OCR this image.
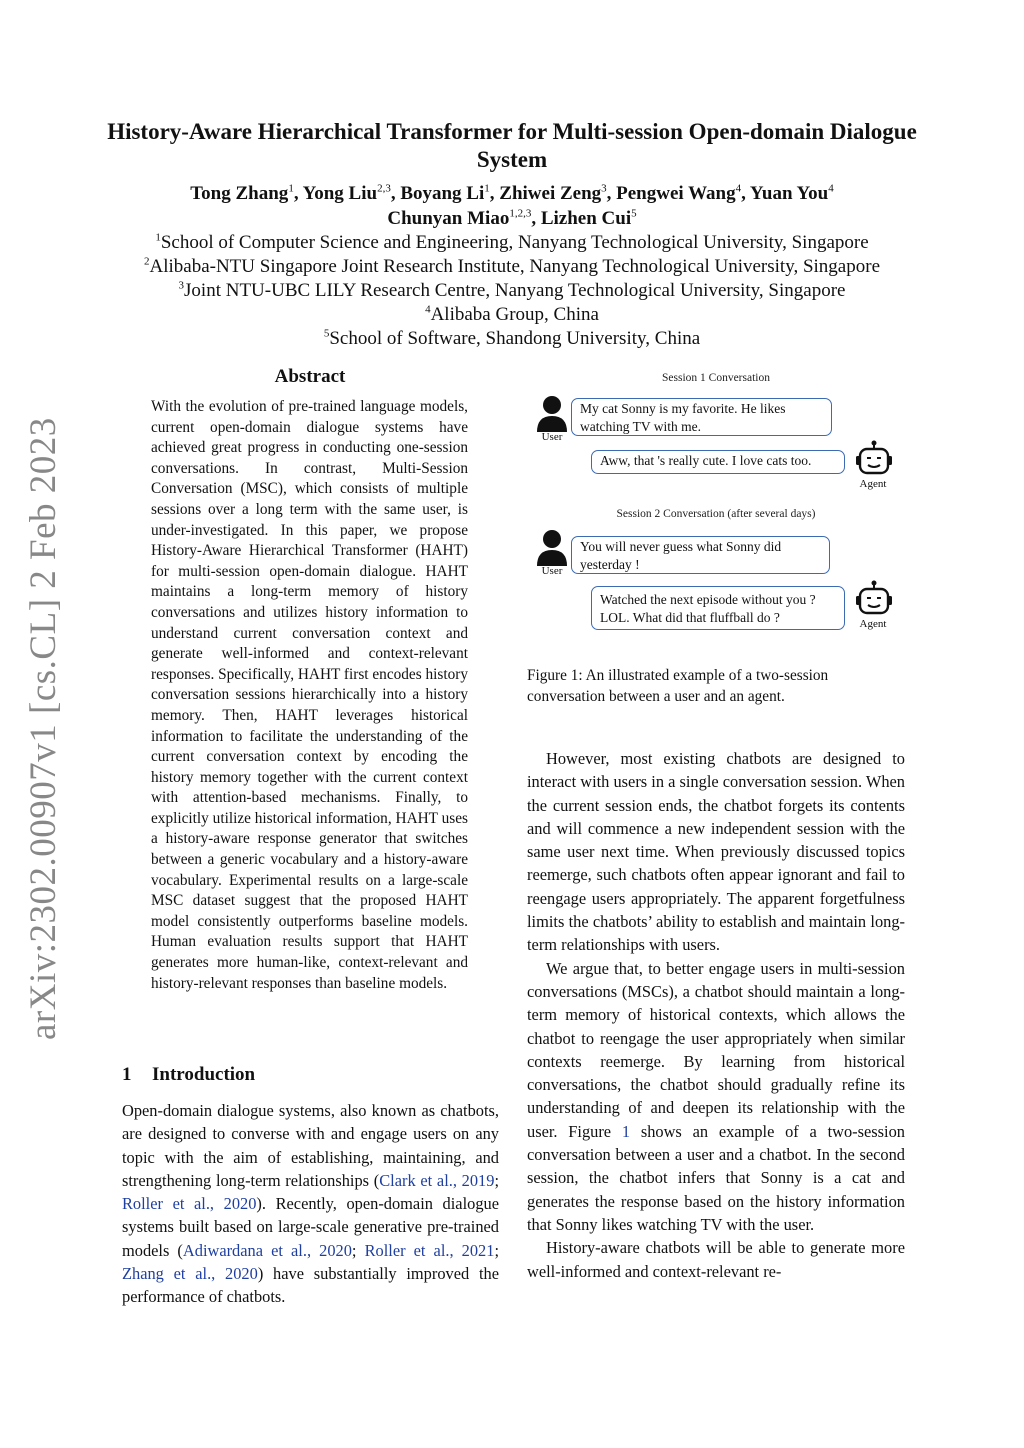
arXiv:2302.00907v1 [cs.CL] 2 Feb 2023
History-Aware Hierarchical Transformer for Multi-session Open-domain Dialogue System
Tong Zhang$^1$, Yong Liu$^{2,3}$, Boyang Li$^1$, Zhiwei Zeng$^3$, Pengwei Wang$^4$, Yuan You$^4$
Chunyan Miao$^{1,2,3}$, Lizhen Cui$^5$
$^1$School of Computer Science and Engineering, Nanyang Technological University, Singapore
$^2$Alibaba-NTU Singapore Joint Research Institute, Nanyang Technological University, Singapore
$^3$Joint NTU-UBC LILY Research Centre, Nanyang Technological University, Singapore
$^4$Alibaba Group, China
$^5$School of Software, Shandong University, China
Abstract
With the evolution of pre-trained language models, current open-domain dialogue systems have achieved great progress in conducting one-session conversations. In contrast, Multi-Session Conversation (MSC), which consists of multiple sessions over a long term with the same user, is under-investigated. In this paper, we propose History-Aware Hierarchical Transformer (HAHT) for multi-session open-domain dialogue. HAHT maintains a long-term memory of history conversations and utilizes history information to understand current conversation context and generate well-informed and context-relevant responses. Specifically, HAHT first encodes history conversation sessions hierarchically into a history memory. Then, HAHT leverages historical information to facilitate the understanding of the current conversation context by encoding the history memory together with the current context with attention-based mechanisms. Finally, to explicitly utilize historical information, HAHT uses a history-aware response generator that switches between a generic vocabulary and a history-aware vocabulary. Experimental results on a large-scale MSC dataset suggest that the proposed HAHT model consistently outperforms baseline models. Human evaluation results support that HAHT generates more human-like, context-relevant and history-relevant responses than baseline models.
1 Introduction

Open-domain dialogue systems, also known as chatbots, are designed to converse with and engage users on any topic with the aim of establishing, maintaining, and strengthening long-term relationships (Clark et al., 2019; Roller et al., 2020). Recently, open-domain dialogue systems built based on large-scale generative pre-trained models (Adiwardana et al., 2020; Roller et al., 2021; Zhang et al., 2020) have substantially improved the performance of chatbots.

Session 1 Conversation
User
My cat Sonny is my favorite. He likes watching TV with me.
Aww, that 's really cute. I love cats too.
Agent
Session 2 Conversation (after several days)
User
You will never guess what Sonny did yesterday !
Watched the next episode without you ? LOL. What did that fluffball do ?	Agent
Figure 1: An illustrated example of a two-session conversation between a user and an agent.

However, most existing chatbots are designed to interact with users in a single conversation session. When the current session ends, the chatbot forgets its contents and will commence a new independent session with the same user next time. When previously discussed topics reemerge, such chatbots often appear ignorant and fail to reengage users appropriately. The apparent forgetfulness limits the chatbots’ ability to establish and maintain long-term relationships with users.

We argue that, to better engage users in multi-session conversations (MSCs), a chatbot should maintain a long-term memory of historical contexts, which allows the chatbot to reengage the user appropriately when similar contexts reemerge. By learning from historical conversations, the chatbot should gradually refine its understanding of and deepen its relationship with the user. Figure 1 shows an example of a two-session conversation between a user and a chatbot. In the second session, the chatbot infers that Sonny is a cat and generates the response based on the history information that Sonny likes watching TV with the user.

History-aware chatbots will be able to generate more well-informed and context-relevant re-
